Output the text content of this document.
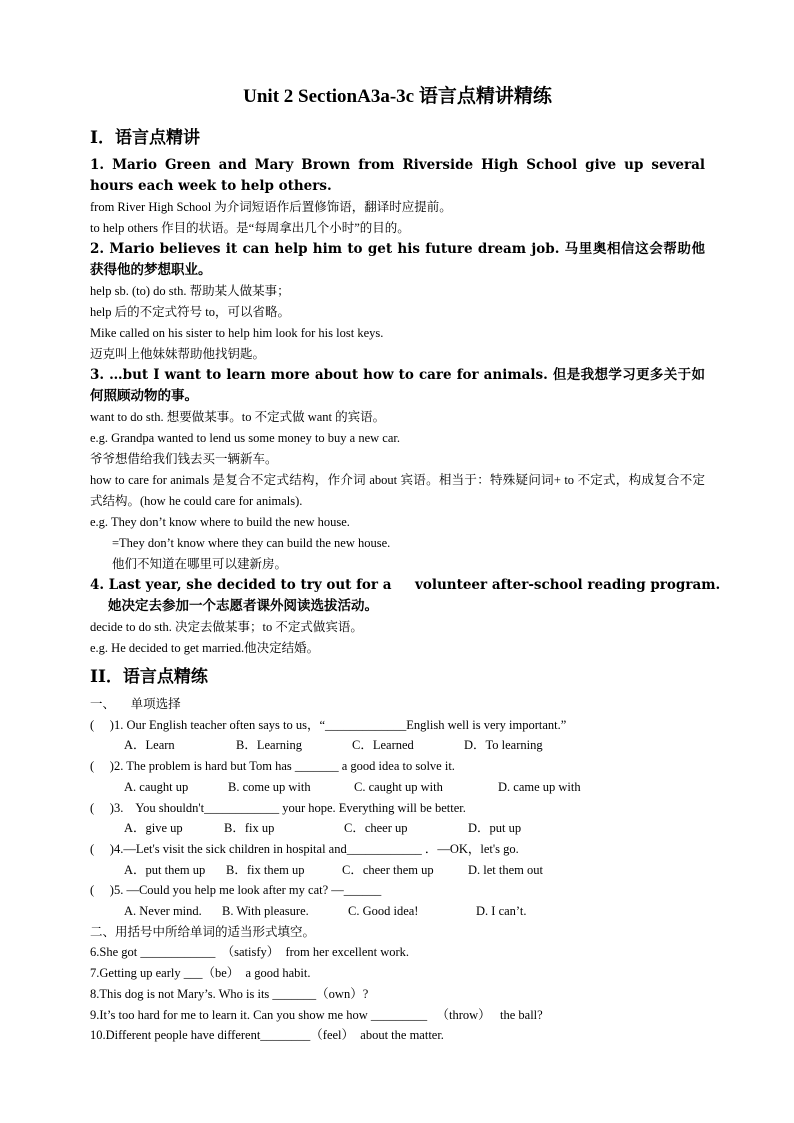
Unit 2 SectionA3a-3c 语言点精讲精练
I．语言点精讲

1. Mario Green and Mary Brown from Riverside High School give up several hours each week to help others.

from River High School 为介词短语作后置修饰语，翻译时应提前。

to help others 作目的状语。是“每周拿出几个小时”的目的。

2. Mario believes it can help him to get his future dream job. 马里奥相信这会帮助他获得他的梦想职业。

help sb. (to) do sth. 帮助某人做某事；

help 后的不定式符号 to，可以省略。

Mike called on his sister to help him look for his lost keys.

迈克叫上他妹妹帮助他找钥匙。

3. …but I want to learn more about how to care for animals. 但是我想学习更多关于如何照顾动物的事。

want to do sth. 想要做某事。to 不定式做 want 的宾语。

e.g. Grandpa wanted to lend us some money to buy a new car.

爷爷想借给我们钱去买一辆新车。

how to care for animals 是复合不定式结构，作介词 about 宾语。相当于：特殊疑问词+ to 不定式，构成复合不定式结构。(how he could care for animals).

e.g. They don’t know where to build the new house.

=They don’t know where they can build the new house.

他们不知道在哪里可以建新房。

4. Last year, she decided to try out for a     volunteer after-school reading program.

她决定去参加一个志愿者课外阅读选拔活动。

decide to do sth. 决定去做某事；to 不定式做宾语。

e.g. He decided to get married.他决定结婚。

II．语言点精练
一、     单项选择
(     )1. Our English teacher often says to us，“_____________English well is very important.”
A．Learn	B．Learning	C．Learned	D．To learning
(     )2. The problem is hard but Tom has _______ a good idea to solve it.
A. caught up	B. come up with	C. caught up with	D. came up with
(     )3.    You shouldn't____________ your hope. Everything will be better.
A．give up	B．fix up	C．cheer up	D．put up
(     )4.—Let's visit the sick children in hospital and____________ ．—OK，let's go.
A．put them up	B．fix them up	C．cheer them up	D. let them out
(     )5. —Could you help me look after my cat? —______
A. Never mind.	B. With pleasure.	C. Good idea!	D. I can’t.
二、用括号中所给单词的适当形式填空。
6.She got ____________  （satisfy）  from her excellent work.
7.Getting up early ___（be）  a good habit.
8.This dog is not Mary’s. Who is its _______（own）?
9.It’s too hard for me to learn it. Can you show me how _________   （throw）   the ball?
10.Different people have different________（feel）  about the matter.
